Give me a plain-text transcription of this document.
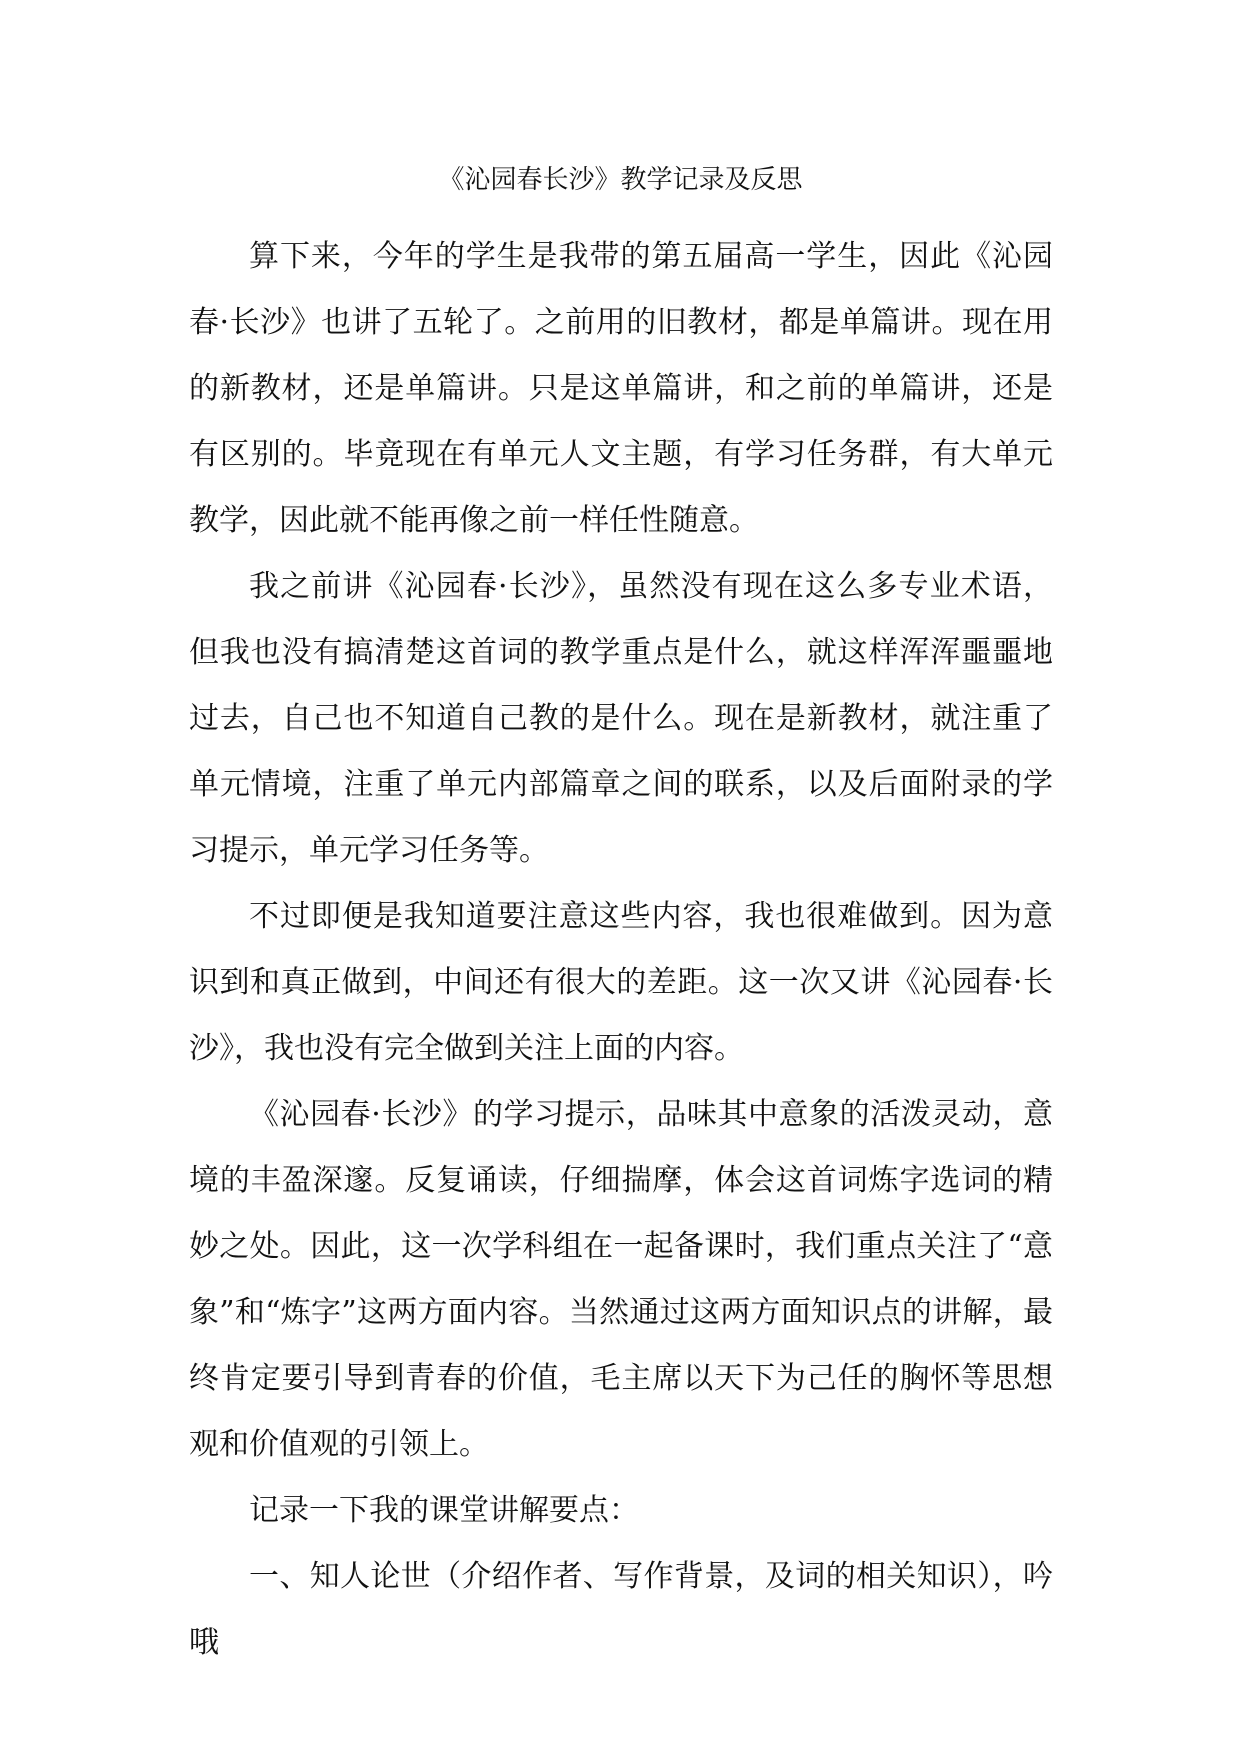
《沁园春长沙》教学记录及反思

算下来，今年的学生是我带的第五届高一学生，因此《沁园春·长沙》也讲了五轮了。之前用的旧教材，都是单篇讲。现在用的新教材，还是单篇讲。只是这单篇讲，和之前的单篇讲，还是有区别的。毕竟现在有单元人文主题，有学习任务群，有大单元教学，因此就不能再像之前一样任性随意。

我之前讲《沁园春·长沙》，虽然没有现在这么多专业术语，但我也没有搞清楚这首词的教学重点是什么，就这样浑浑噩噩地过去，自己也不知道自己教的是什么。现在是新教材，就注重了单元情境，注重了单元内部篇章之间的联系，以及后面附录的学习提示，单元学习任务等。

不过即便是我知道要注意这些内容，我也很难做到。因为意识到和真正做到，中间还有很大的差距。这一次又讲《沁园春·长沙》，我也没有完全做到关注上面的内容。

《沁园春·长沙》的学习提示，品味其中意象的活泼灵动，意境的丰盈深邃。反复诵读，仔细揣摩，体会这首词炼字选词的精妙之处。因此，这一次学科组在一起备课时，我们重点关注了“意象”和“炼字”这两方面内容。当然通过这两方面知识点的讲解，最终肯定要引导到青春的价值，毛主席以天下为己任的胸怀等思想观和价值观的引领上。

记录一下我的课堂讲解要点：

一、知人论世（介绍作者、写作背景，及词的相关知识），吟哦
